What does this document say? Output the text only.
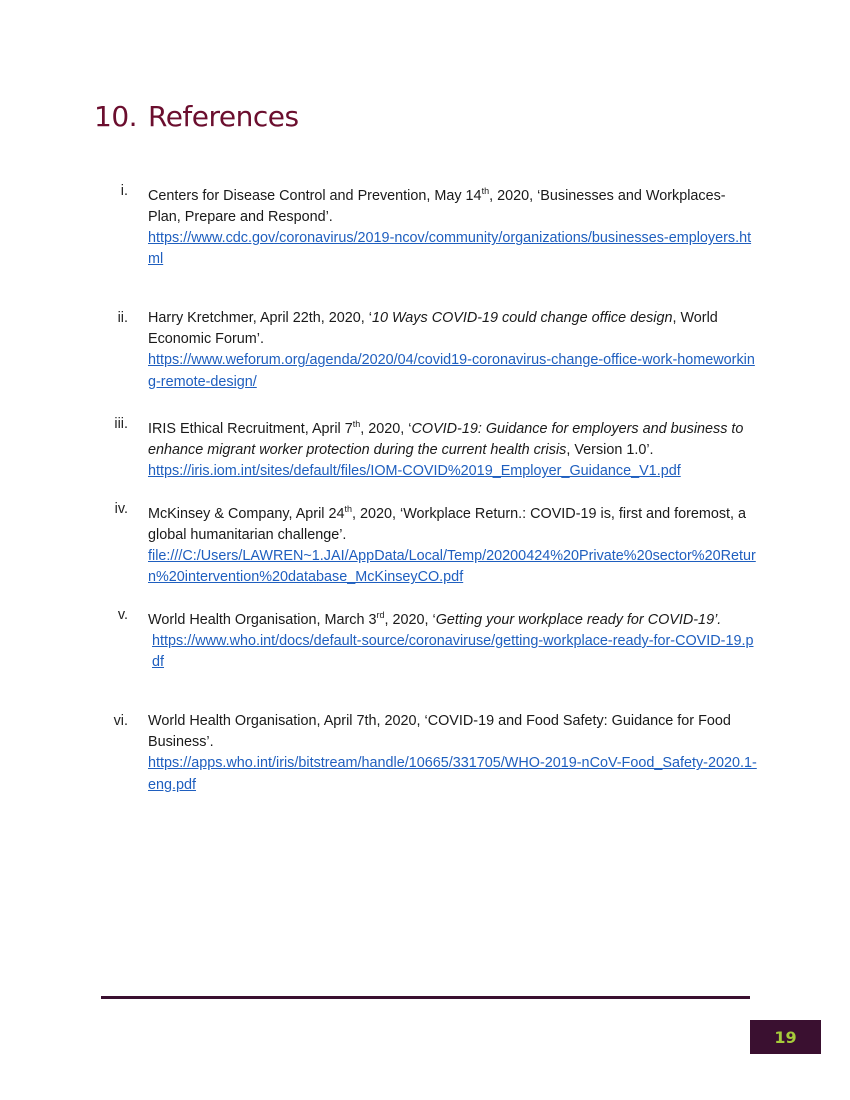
10. References
i. Centers for Disease Control and Prevention, May 14th, 2020, ‘Businesses and Workplaces-Plan, Prepare and Respond’.

https://www.cdc.gov/coronavirus/2019-ncov/community/organizations/businesses-employers.html
ii. Harry Kretchmer, April 22th, 2020, ‘10 Ways COVID-19 could change office design, World Economic Forum’.

https://www.weforum.org/agenda/2020/04/covid19-coronavirus-change-office-work-homeworking-remote-design/
iii. IRIS Ethical Recruitment, April 7th, 2020, ‘COVID-19: Guidance for employers and business to enhance migrant worker protection during the current health crisis, Version 1.0’.

https://iris.iom.int/sites/default/files/IOM-COVID%2019_Employer_Guidance_V1.pdf
iv. McKinsey & Company, April 24th, 2020, ‘Workplace Return.: COVID-19 is, first and foremost, a global humanitarian challenge’.

file:///C:/Users/LAWREN~1.JAI/AppData/Local/Temp/20200424%20Private%20sector%20Return%20intervention%20database_McKinseyCO.pdf
v. World Health Organisation, March 3rd, 2020, ‘Getting your workplace ready for COVID-19’.

https://www.who.int/docs/default-source/coronaviruse/getting-workplace-ready-for-COVID-19.pdf
vi. World Health Organisation, April 7th, 2020, ‘COVID-19 and Food Safety: Guidance for Food Business’.

https://apps.who.int/iris/bitstream/handle/10665/331705/WHO-2019-nCoV-Food_Safety-2020.1-eng.pdf
19
